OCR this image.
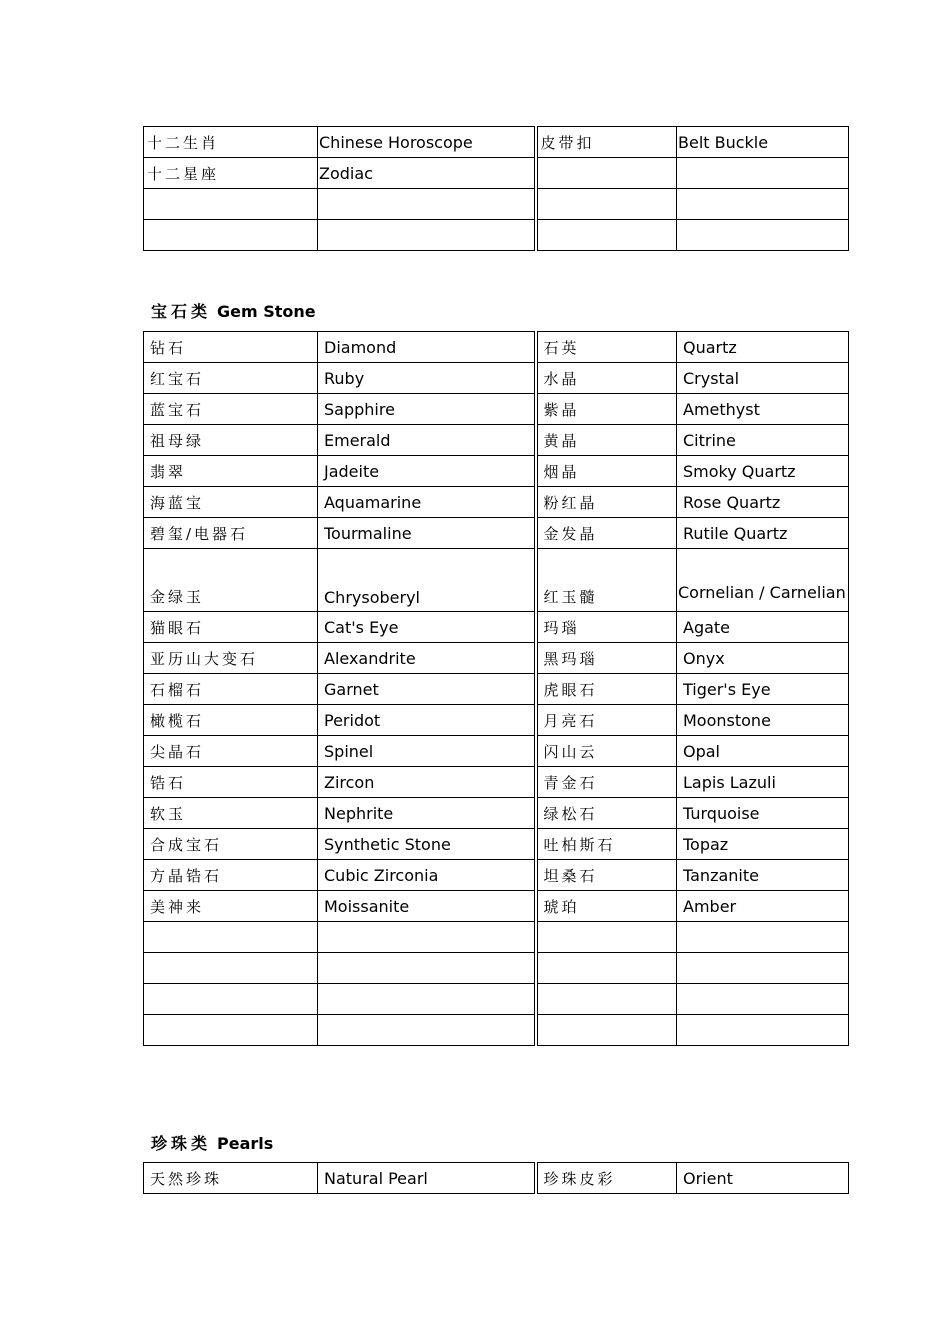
十二生肖	Chinese Horoscope	皮带扣	Belt Buckle
十二星座	Zodiac		

宝石类 Gem Stone
钻石	Diamond	石英	Quartz
红宝石	Ruby	水晶	Crystal
蓝宝石	Sapphire	紫晶	Amethyst
祖母绿	Emerald	黄晶	Citrine
翡翠	Jadeite	烟晶	Smoky Quartz
海蓝宝	Aquamarine	粉红晶	Rose Quartz
碧玺/电器石	Tourmaline	金发晶	Rutile Quartz
金绿玉	Chrysoberyl	红玉髓	Cornelian / Carnelian
猫眼石	Cat's Eye	玛瑙	Agate
亚历山大变石	Alexandrite	黑玛瑙	Onyx
石榴石	Garnet	虎眼石	Tiger's Eye
橄榄石	Peridot	月亮石	Moonstone
尖晶石	Spinel	闪山云	Opal
锆石	Zircon	青金石	Lapis Lazuli
软玉	Nephrite	绿松石	Turquoise
合成宝石	Synthetic Stone	吐柏斯石	Topaz
方晶锆石	Cubic Zirconia	坦桑石	Tanzanite
美神来	Moissanite	琥珀	Amber

珍珠类 Pearls
天然珍珠	Natural Pearl	珍珠皮彩	Orient
